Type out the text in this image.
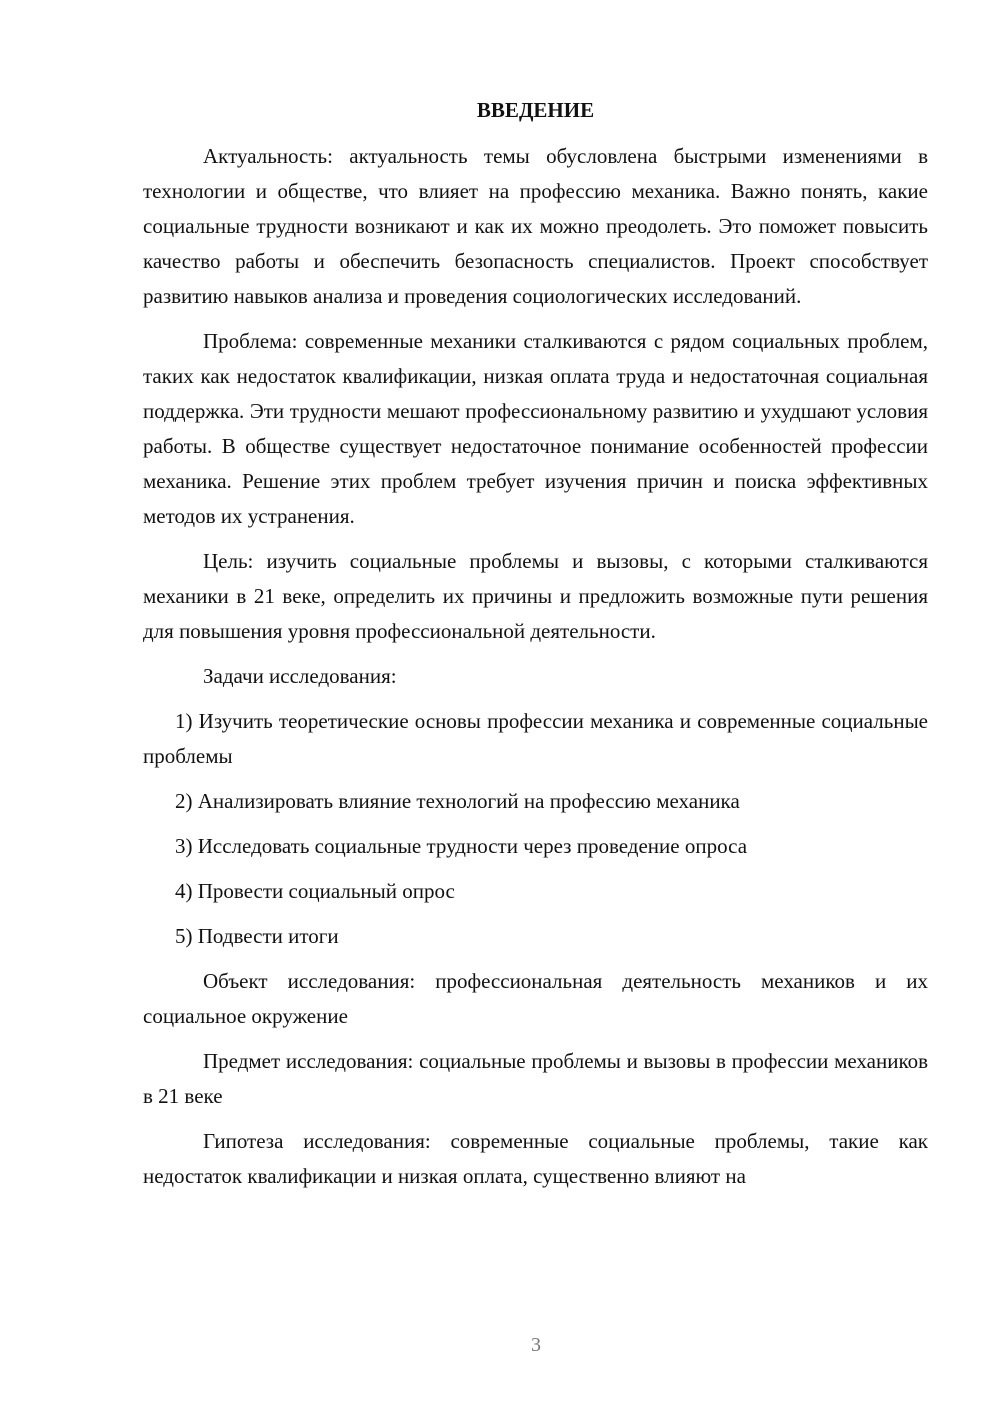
ВВЕДЕНИЕ

Актуальность: актуальность темы обусловлена быстрыми изменениями в технологии и обществе, что влияет на профессию механика. Важно понять, какие социальные трудности возникают и как их можно преодолеть. Это поможет повысить качество работы и обеспечить безопасность специалистов. Проект способствует развитию навыков анализа и проведения социологических исследований.

Проблема: современные механики сталкиваются с рядом социальных проблем, таких как недостаток квалификации, низкая оплата труда и недостаточная социальная поддержка. Эти трудности мешают профессиональному развитию и ухудшают условия работы. В обществе существует недостаточное понимание особенностей профессии механика. Решение этих проблем требует изучения причин и поиска эффективных методов их устранения.

Цель: изучить социальные проблемы и вызовы, с которыми сталкиваются механики в 21 веке, определить их причины и предложить возможные пути решения для повышения уровня профессиональной деятельности.

Задачи исследования:

1) Изучить теоретические основы профессии механика и современные социальные проблемы

2) Анализировать влияние технологий на профессию механика

3) Исследовать социальные трудности через проведение опроса

4) Провести социальный опрос

5) Подвести итоги

Объект исследования: профессиональная деятельность механиков и их социальное окружение

Предмет исследования: социальные проблемы и вызовы в профессии механиков в 21 веке

Гипотеза исследования: современные социальные проблемы, такие как недостаток квалификации и низкая оплата, существенно влияют на

3
